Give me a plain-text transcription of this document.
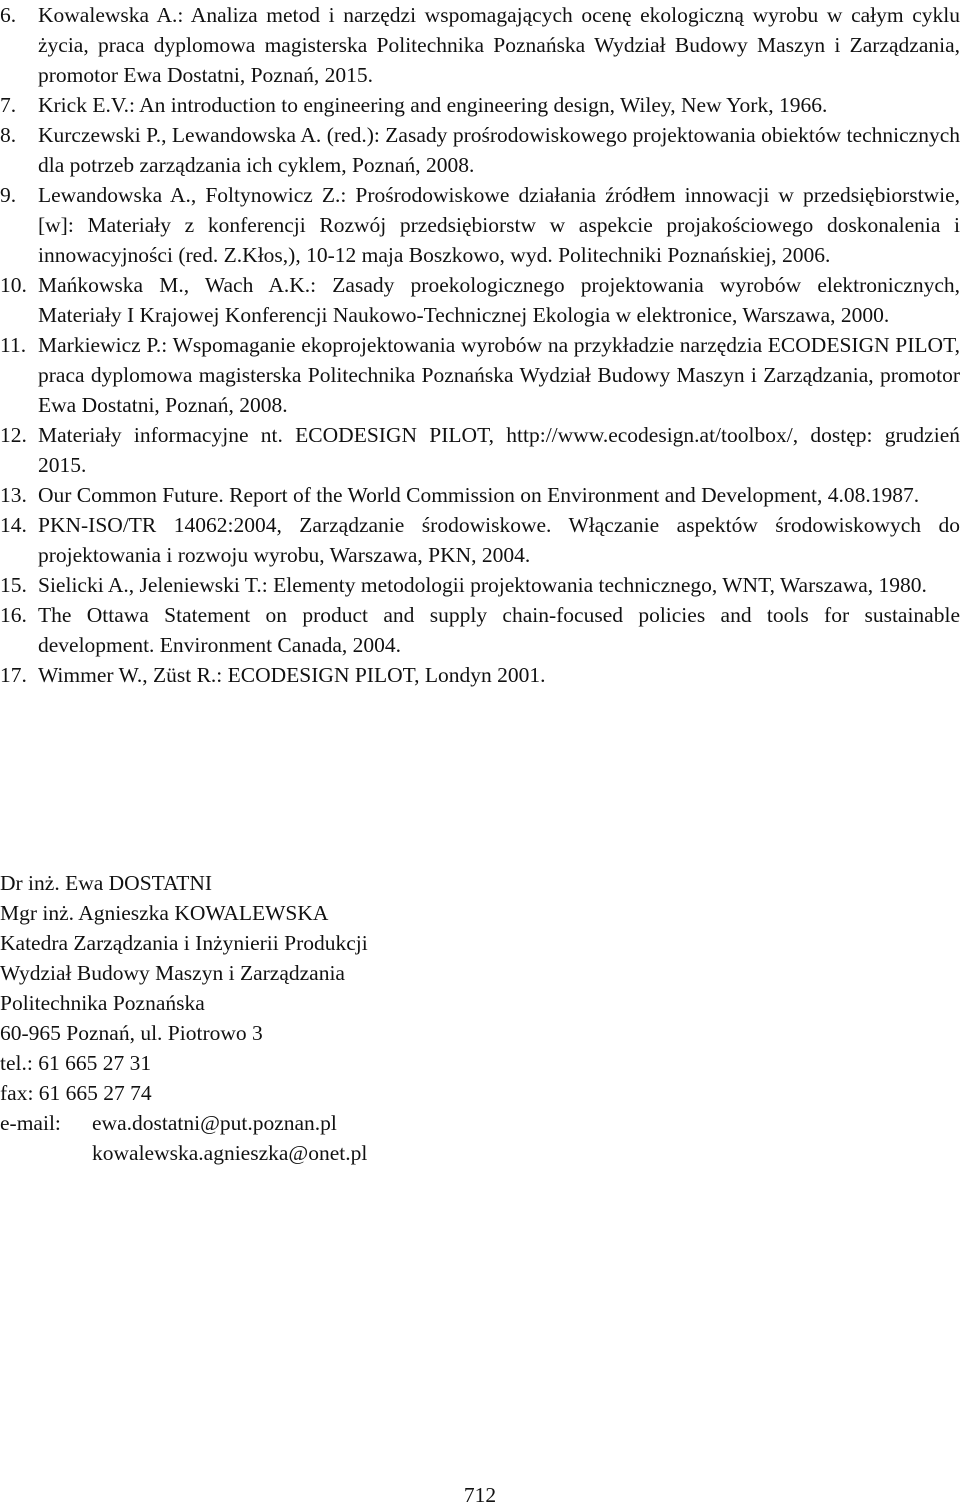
6. Kowalewska A.: Analiza metod i narzędzi wspomagających ocenę ekologiczną wyrobu w całym cyklu życia, praca dyplomowa magisterska Politechnika Poznańska Wydział Budowy Maszyn i Zarządzania, promotor Ewa Dostatni, Poznań, 2015.
7. Krick E.V.: An introduction to engineering and engineering design, Wiley, New York, 1966.
8. Kurczewski P., Lewandowska A. (red.): Zasady prośrodowiskowego projektowania obiektów technicznych dla potrzeb zarządzania ich cyklem, Poznań, 2008.
9. Lewandowska A., Foltynowicz Z.: Prośrodowiskowe działania źródłem innowacji w przedsiębiorstwie, [w]: Materiały z konferencji Rozwój przedsiębiorstw w aspekcie projakościowego doskonalenia i innowacyjności (red. Z.Kłos,), 10-12 maja Boszkowo, wyd. Politechniki Poznańskiej, 2006.
10. Mańkowska M., Wach A.K.: Zasady proekologicznego projektowania wyrobów elektronicznych, Materiały I Krajowej Konferencji Naukowo-Technicznej Ekologia w elektronice, Warszawa, 2000.
11. Markiewicz P.: Wspomaganie ekoprojektowania wyrobów na przykładzie narzędzia ECODESIGN PILOT, praca dyplomowa magisterska Politechnika Poznańska Wydział Budowy Maszyn i Zarządzania, promotor Ewa Dostatni, Poznań, 2008.
12. Materiały informacyjne nt. ECODESIGN PILOT, http://www.ecodesign.at/toolbox/, dostęp: grudzień 2015.
13. Our Common Future. Report of the World Commission on Environment and Development, 4.08.1987.
14. PKN-ISO/TR 14062:2004, Zarządzanie środowiskowe. Włączanie aspektów środowiskowych do projektowania i rozwoju wyrobu, Warszawa, PKN, 2004.
15. Sielicki A., Jeleniewski T.: Elementy metodologii projektowania technicznego, WNT, Warszawa, 1980.
16. The Ottawa Statement on product and supply chain-focused policies and tools for sustainable development. Environment Canada, 2004.
17. Wimmer W., Züst R.: ECODESIGN PILOT, Londyn 2001.
Dr inż. Ewa DOSTATNI
Mgr inż. Agnieszka KOWALEWSKA
Katedra Zarządzania i Inżynierii Produkcji
Wydział Budowy Maszyn i Zarządzania
Politechnika Poznańska
60-965 Poznań, ul. Piotrowo 3
tel.: 61 665 27 31
fax: 61 665 27 74
e-mail: ewa.dostatni@put.poznan.pl
kowalewska.agnieszka@onet.pl
712
